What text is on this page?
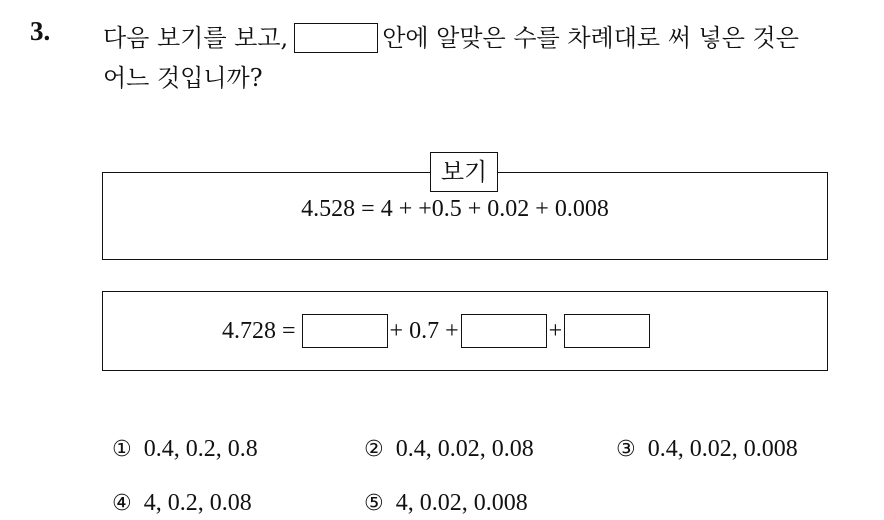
3. 다음 보기를 보고,	안에 알맞은 수를 차례대로 써 넣은 것은
어느 것입니까?
보기
4.528 = 4 + +0.5 + 0.02 + 0.008
4.728 =	+ 0.7 +	+
① 0.4, 0.2, 0.8	② 0.4, 0.02, 0.08	③ 0.4, 0.02, 0.008
④ 4, 0.2, 0.08	⑤ 4, 0.02, 0.008
